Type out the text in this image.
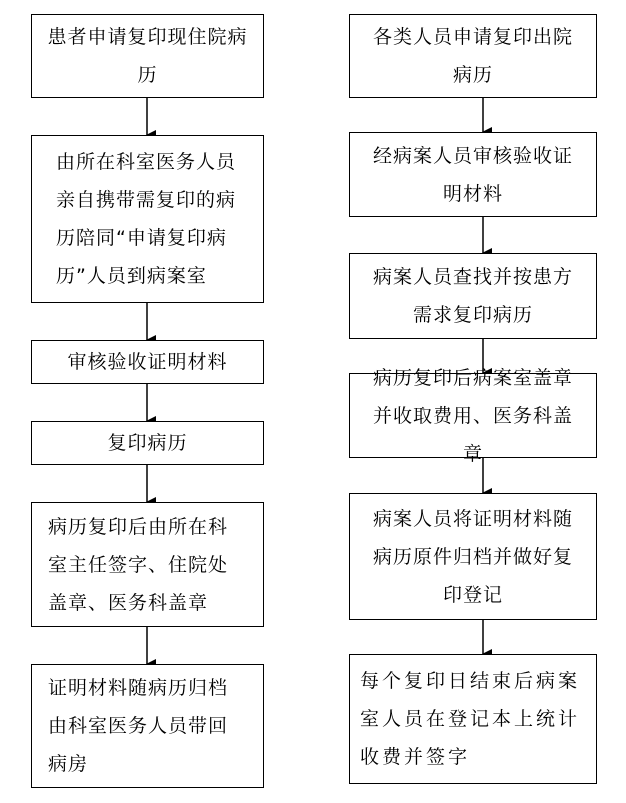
患者申请复印现住院病历
由所在科室医务人员亲自携带需复印的病历陪同“申请复印病历”人员到病案室
审核验收证明材料
复印病历
病历复印后由所在科室主任签字、住院处盖章、医务科盖章
证明材料随病历归档由科室医务人员带回病房
各类人员申请复印出院病历
经病案人员审核验收证明材料
病案人员查找并按患方需求复印病历
病历复印后病案室盖章并收取费用、医务科盖章
病案人员将证明材料随病历原件归档并做好复印登记
每个复印日结束后病案室人员在登记本上统计收费并签字
